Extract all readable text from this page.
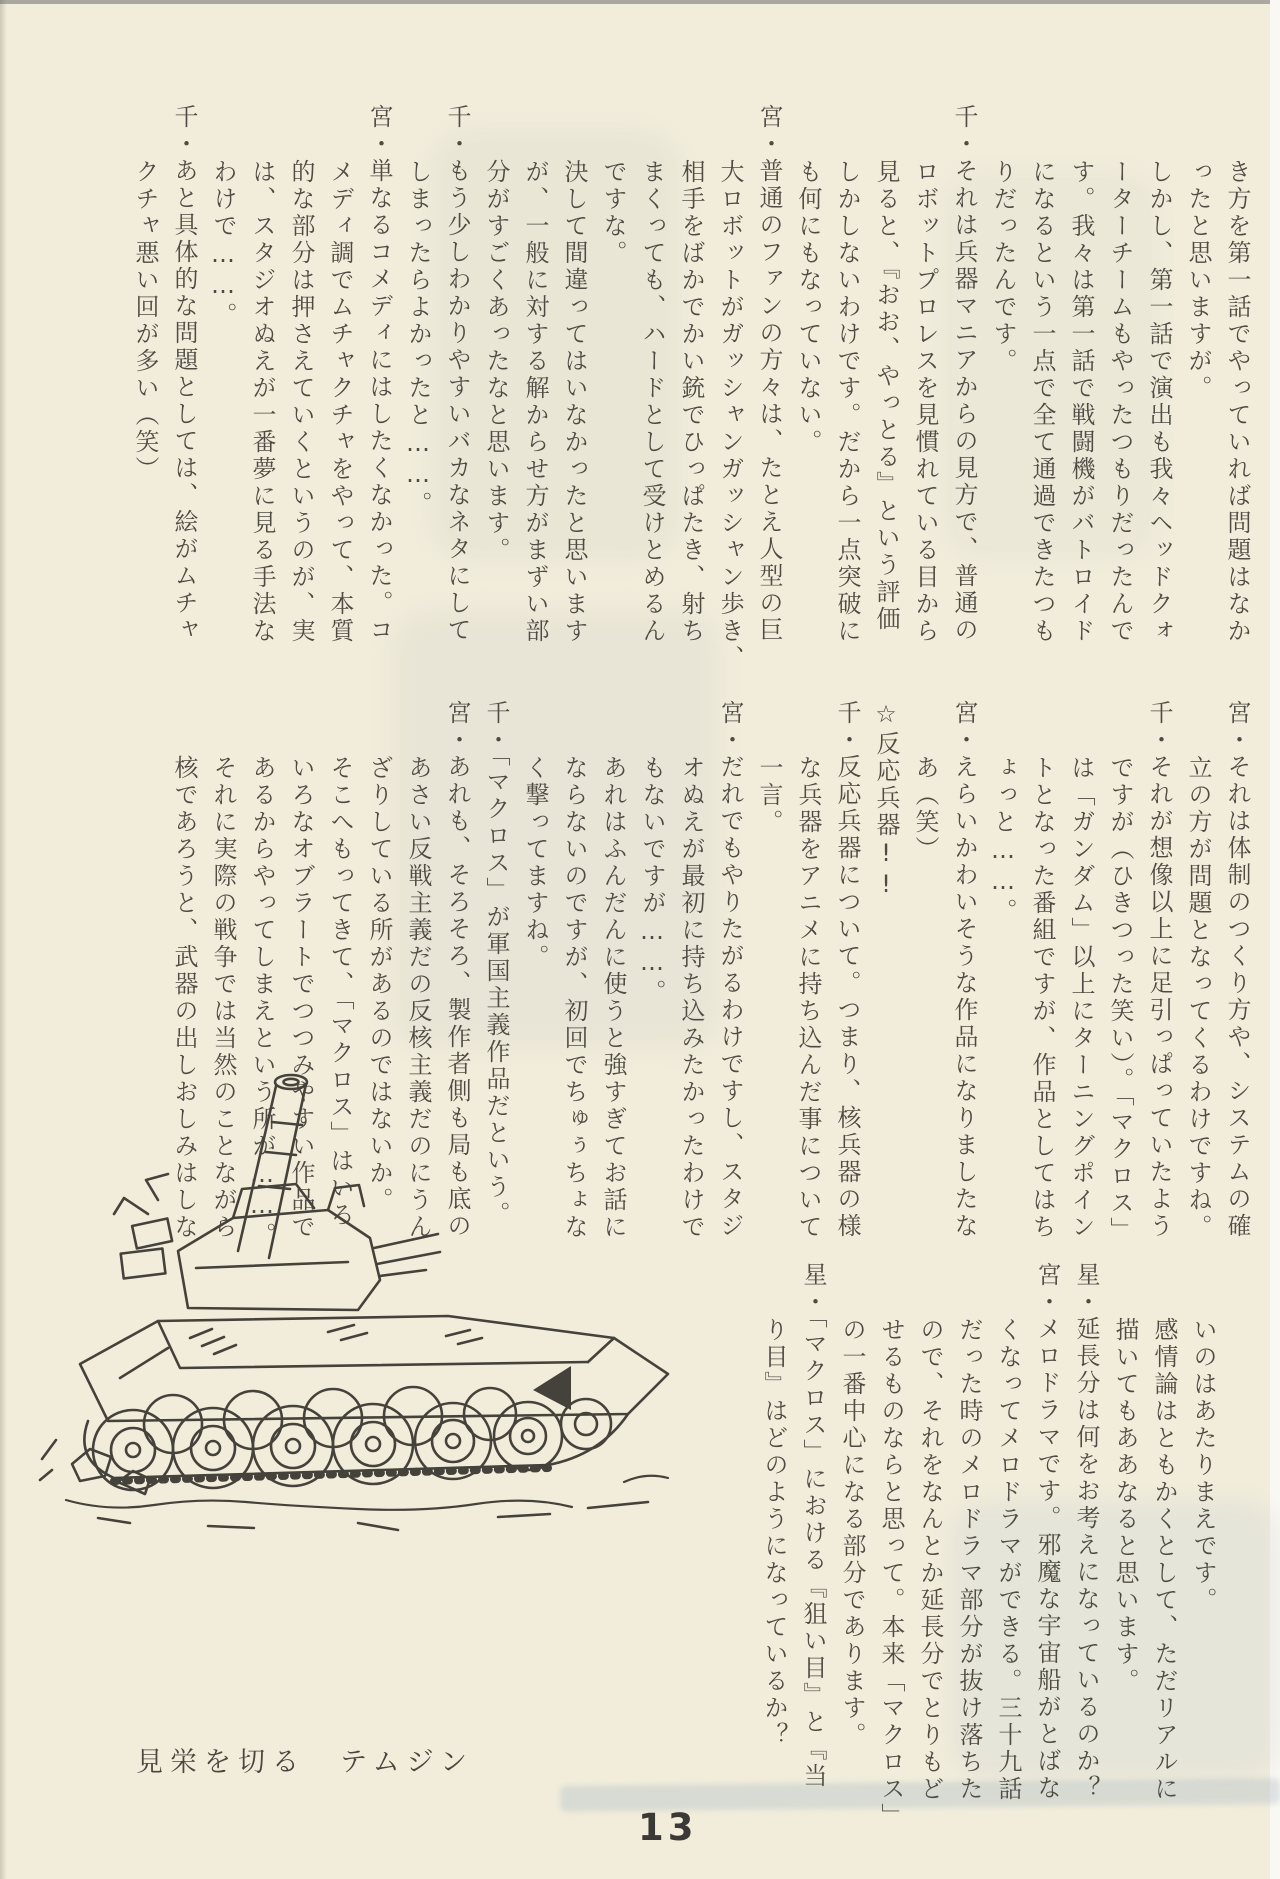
き方を第一話でやっていれば問題はなか
ったと思いますが。
しかし、第一話で演出も我々ヘッドクォ
ーターチームもやったつもりだったんで
す。我々は第一話で戦闘機がバトロイド
になるという一点で全て通過できたつも
りだったんです。
千・それは兵器マニアからの見方で、普通の
ロボットプロレスを見慣れている目から
見ると、『おお、やっとる』という評価
しかしないわけです。だから一点突破に
も何にもなっていない。
宮・普通のファンの方々は、たとえ人型の巨
大ロボットがガッシャンガッシャン歩き、
相手をばかでかい銃でひっぱたき、射ち
まくっても、ハードとして受けとめるん
ですな。
決して間違ってはいなかったと思います
が、一般に対する解からせ方がまずい部
分がすごくあったなと思います。
千・もう少しわかりやすいバカなネタにして
しまったらよかったと……。
宮・単なるコメディにはしたくなかった。コ
メディ調でムチャクチャをやって、本質
的な部分は押さえていくというのが、実
は、スタジオぬえが一番夢に見る手法な
わけで……。
千・あと具体的な問題としては、絵がムチャ
クチャ悪い回が多い（笑）
宮・それは体制のつくり方や、システムの確
立の方が問題となってくるわけですね。
千・それが想像以上に足引っぱっていたよう
ですが（ひきつった笑い）。「マクロス」
は「ガンダム」以上にターニングポイン
トとなった番組ですが、作品としてはち
ょっと……。
宮・えらいかわいそうな作品になりましたな
あ（笑）
☆反応兵器!!
千・反応兵器について。つまり、核兵器の様
な兵器をアニメに持ち込んだ事について
一言。
宮・だれでもやりたがるわけですし、スタジ
オぬえが最初に持ち込みたかったわけで
もないですが……。
あれはふんだんに使うと強すぎてお話に
ならないのですが、初回でちゅぅちょな
く撃ってますね。
千・「マクロス」が軍国主義作品だという。
宮・あれも、そろそろ、製作者側も局も底の
あさい反戦主義だの反核主義だのにうん
ざりしている所があるのではないか。
そこへもってきて、「マクロス」はいろ
いろなオブラートでつつみやすい作品で
あるからやってしまえという所が……。
それに実際の戦争では当然のことながら
核であろうと、武器の出しおしみはしな
いのはあたりまえです。
感情論はともかくとして、ただリアルに
描いてもああなると思います。
星・延長分は何をお考えになっているのか？
宮・メロドラマです。邪魔な宇宙船がとばな
くなってメロドラマができる。三十九話
だった時のメロドラマ部分が抜け落ちた
ので、それをなんとか延長分でとりもど
せるものならと思って。本来「マクロス」
の一番中心になる部分であります。
星・「マクロス」における『狙い目』と『当
り目』はどのようになっているか？
見栄を切る　テムジン
13
